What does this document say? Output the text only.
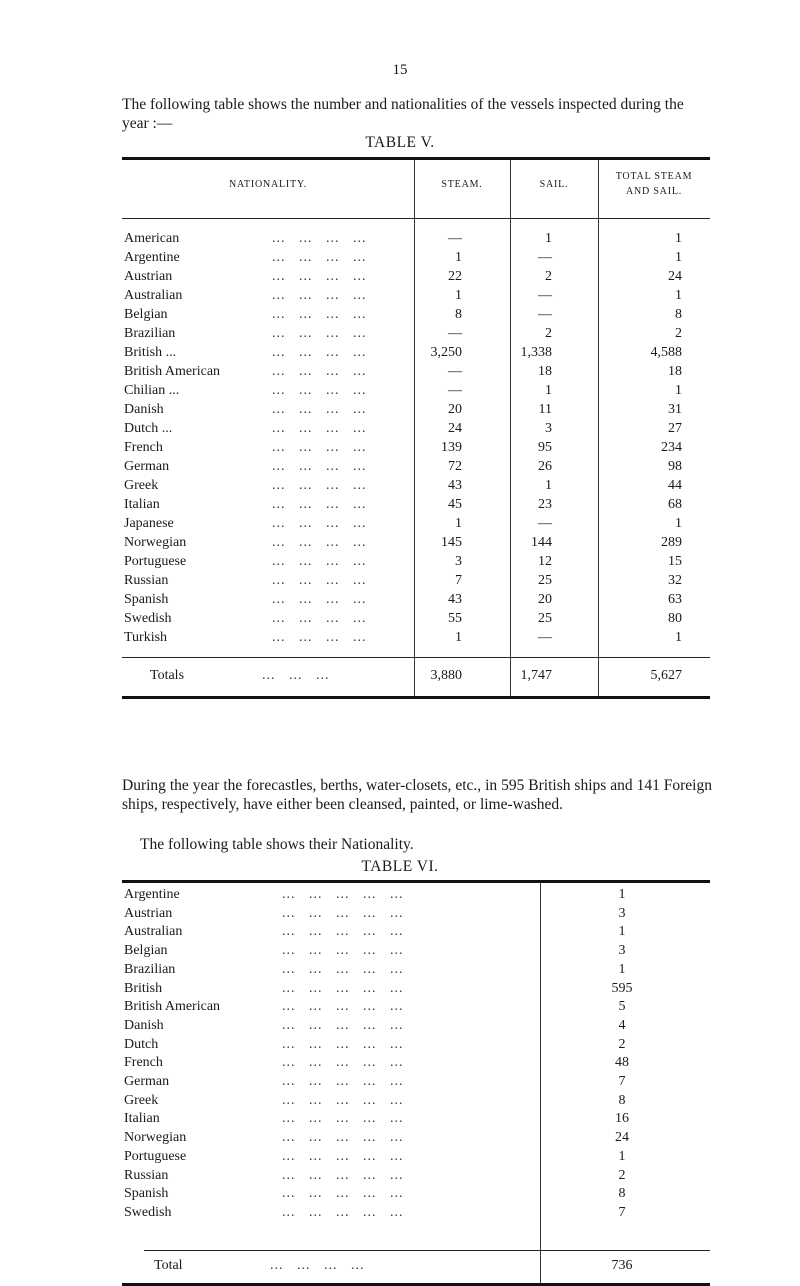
15
The following table shows the number and nationalities of the vessels inspected during the year :—
TABLE V.
NATIONALITY.	STEAM.	SAIL.
TOTAL STEAM
AND SAIL.
American	—	1	1
...   ...   ...   ...
Argentine	1	—	1
...   ...   ...   ...
Austrian	22	2	24
...   ...   ...   ...
Australian	1	—	1
...   ...   ...   ...
Belgian	8	—	8
...   ...   ...   ...
Brazilian	—	2	2
...   ...   ...   ...
British ...	3,250	1,338	4,588
...   ...   ...   ...
British American	—	18	18
...   ...   ...   ...
Chilian ...	—	1	1
...   ...   ...   ...
Danish	20	11	31
...   ...   ...   ...
Dutch ...	24	3	27
...   ...   ...   ...
French	139	95	234
...   ...   ...   ...
German	72	26	98
...   ...   ...   ...
Greek	43	1	44
...   ...   ...   ...
Italian	45	23	68
...   ...   ...   ...
Japanese	1	—	1
...   ...   ...   ...
Norwegian	145	144	289
...   ...   ...   ...
Portuguese	3	12	15
...   ...   ...   ...
Russian	7	25	32
...   ...   ...   ...
Spanish	43	20	63
...   ...   ...   ...
Swedish	55	25	80
...   ...   ...   ...
Turkish	1	—	1
...   ...   ...   ...
Totals	...   ...   ...	3,880	1,747	5,627
During the year the forecastles, berths, water-closets, etc., in 595 British ships and 141 Foreign ships, respectively, have either been cleansed, painted, or lime-washed.
The following table shows their Nationality.
TABLE VI.
Argentine	...   ...   ...   ...   ...	1
Austrian	...   ...   ...   ...   ...	3
Australian	...   ...   ...   ...   ...	1
Belgian	...   ...   ...   ...   ...	3
Brazilian	...   ...   ...   ...   ...	1
British	...   ...   ...   ...   ...	595
British American	...   ...   ...   ...   ...	5
Danish	...   ...   ...   ...   ...	4
Dutch	...   ...   ...   ...   ...	2
French	...   ...   ...   ...   ...	48
German	...   ...   ...   ...   ...	7
Greek	...   ...   ...   ...   ...	8
Italian	...   ...   ...   ...   ...	16
Norwegian	...   ...   ...   ...   ...	24
Portuguese	...   ...   ...   ...   ...	1
Russian	...   ...   ...   ...   ...	2
Spanish	...   ...   ...   ...   ...	8
Swedish	...   ...   ...   ...   ...	7
Total	...   ...   ...   ...	736
